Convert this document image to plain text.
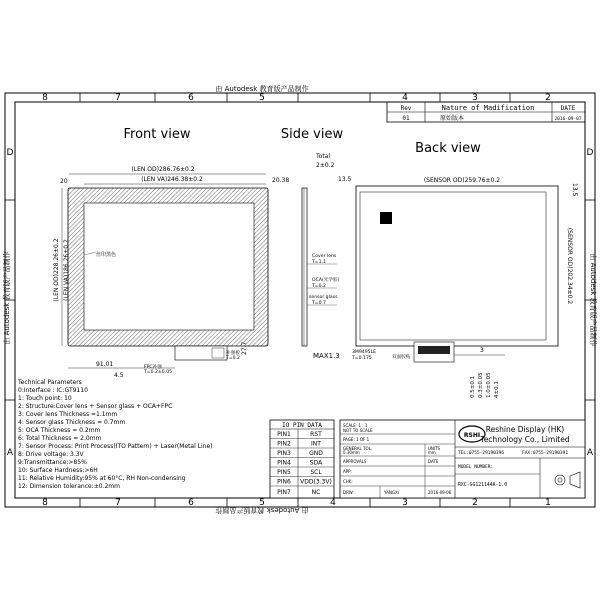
8	7	6	5	4	3	2
8	7	6	5	4	3	2	1
D
A
D
A
由 Autodesk 教育版产品制作
由 Autodesk 教育版产品制作
由 Autodesk 教育版产品制作	由 Autodesk 教育版产品制作
Rev	Nature of Madification	DATE
01	原始版本	2016-09-07
Front view	Side view
Back view
(LEN OD)286.76±0.2
(LEN VA)246.38±0.2
20	20.38
丝印黑色
(LEN OD)228.26±0.2 (LEN VA)186.26±0.2
补强板
T=0.2
91.01
4.5
FPC补强
T=0.2±0.05
27.7
Total
2±0.2
Cover lens
T=1.1
OCA(光学胶)
T=0.2
sensor glass
T=0.7
MAX1.3
13.5
13.5
(SENSOR OD)259.76±0.2
(SENSOR OD)202.34±0.2
3M9495LE
T=0.175	双面胶贴
3
0.5±0.1 0.3±0.05 1.0±0.05 4±0.1
Technical Parameters
0:Interface : IC:GT9110
1: Touch point: 10
2: Structure:Cover lens + Sensor glass + OCA+FPC
3: Cover lens Thickness =1.1mm
4: Sensor glass Thickness = 0.7mm
5: OCA Thickness = 0.2mm
6: Total Thickness = 2.0mm
7: Sensor Process: Print Process(ITO Pattern) + Laser(Metal Line)
8: Drive voltage: 3.3V
9:Transmittance:>85%
10: Surface Hardness:>6H
11: Relative Humidity:95% at 60°C, RH Non-condensing
12: Dimension tolerance:±0.2mm
IO PIN DATA
PIN1	RST
PIN2	INT
PIN3	GND
PIN4	SDA
PIN5	SCL
PIN6 VDD(3.3V)
PIN7	NC
SCALE: 1 : 1
NOT TO SCALE
PAGE: 1 OF 1
GENERAL TOL.
0.30mm
UNITS
mm
APPROVALS	DATE
APP:
CHK:
DRW:	YANGXI	2016-09-06
RSHI
Reshine Display (HK)
Technology Co., Limited
TEL:0755-29190396	FAX:0755-29190391
MODEL NUMBER:
RXC-GG121144A-1.0
